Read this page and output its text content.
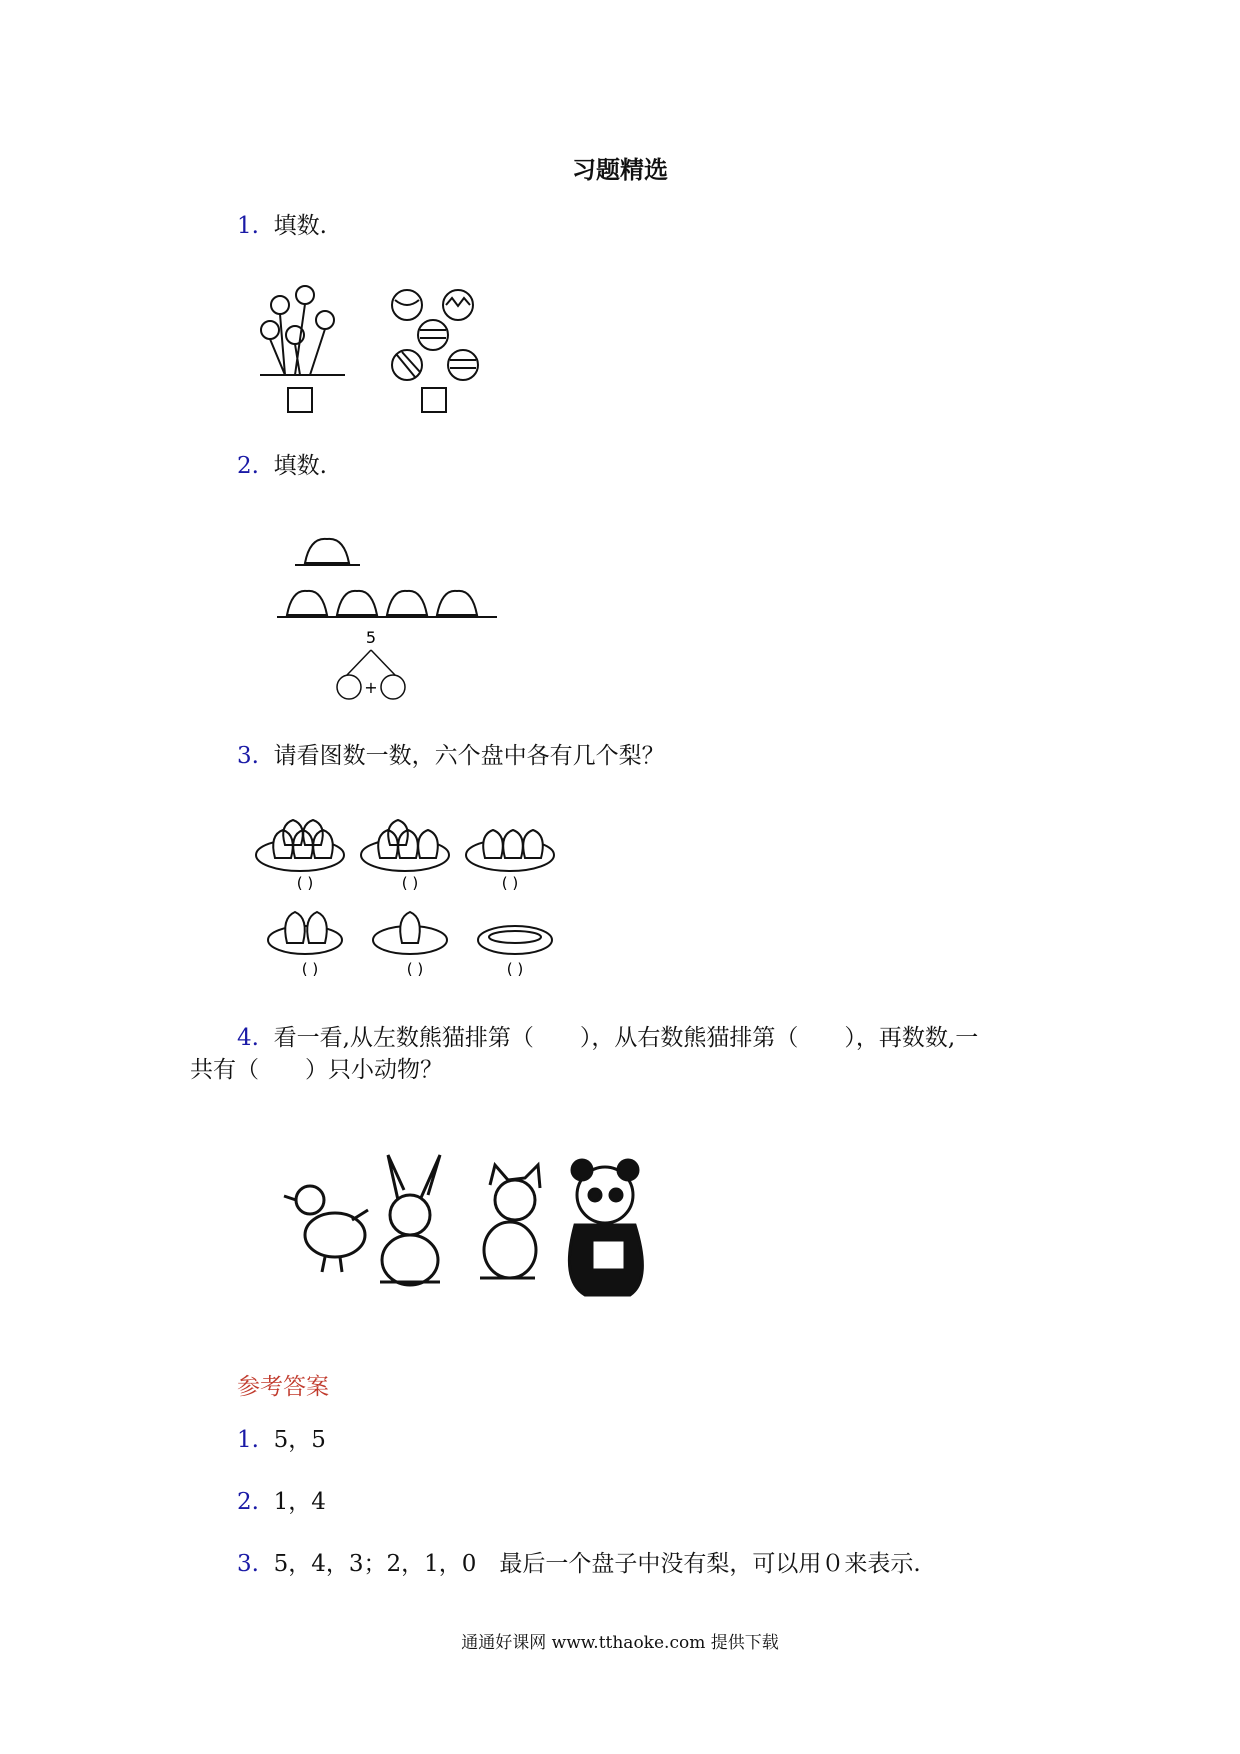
习题精选
1. 填数.
2. 填数.
5
+
3. 请看图数一数，六个盘中各有几个梨？
( )	( )	( )
( )	( )	( )
4. 看一看,从左数熊猫排第（　　），从右数熊猫排第（　　），再数数,一
共有（　　）只小动物？
参考答案
1. 5，5
2. 1，4
3. 5，4，3；2，1，0　最后一个盘子中没有梨，可以用０来表示.
通通好课网 www.tthaoke.com 提供下载
